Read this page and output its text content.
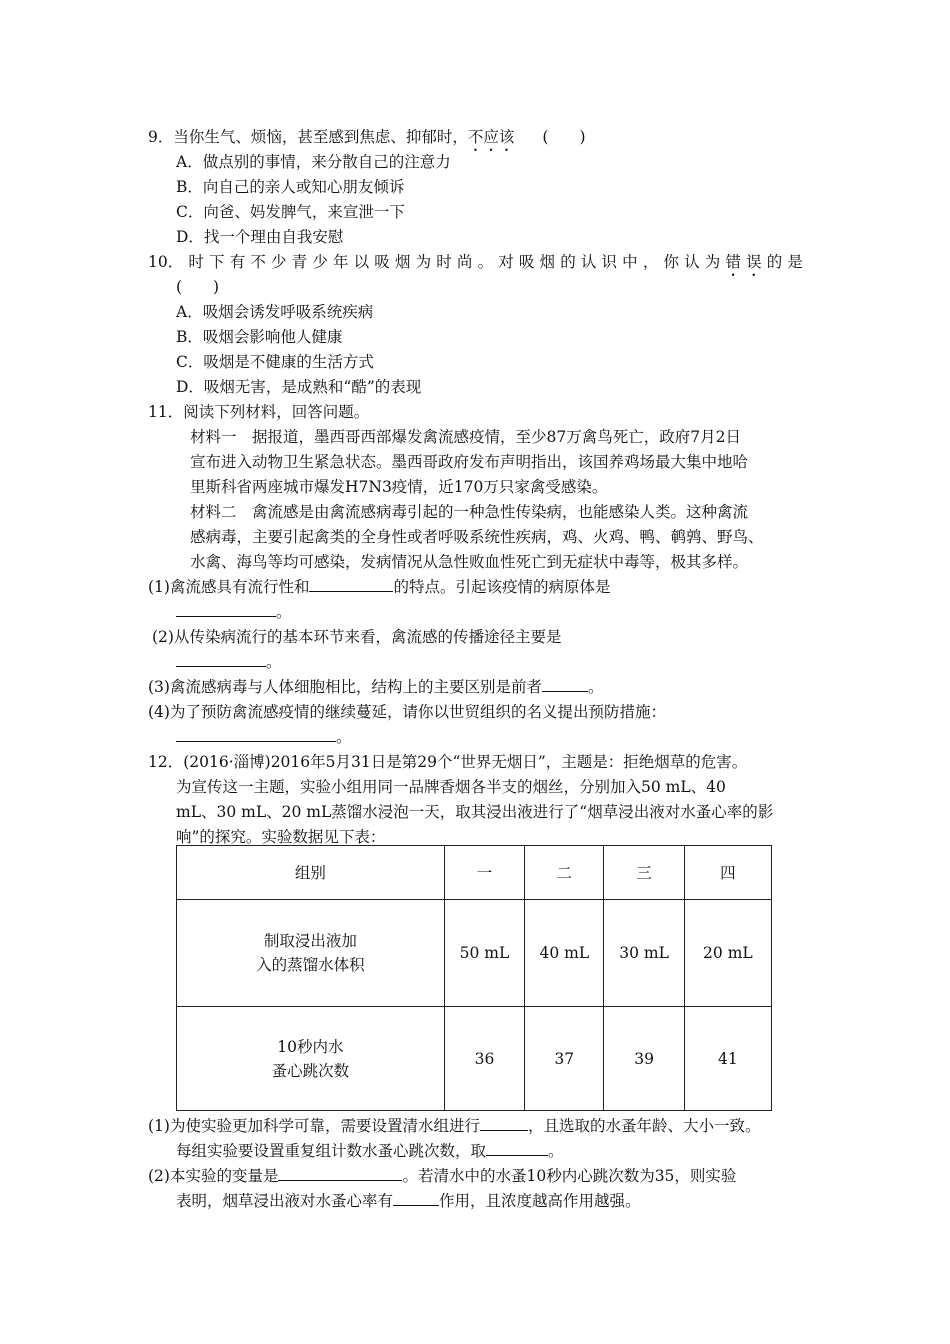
9．当你生气、烦恼，甚至感到焦虑、抑郁时，不应该 (　　)
A．做点别的事情，来分散自己的注意力
B．向自己的亲人或知心朋友倾诉
C．向爸、妈发脾气，来宣泄一下
D．找一个理由自我安慰
10． 时 下 有 不 少 青 少 年 以 吸 烟 为 时 尚 。 对 吸 烟 的 认 识 中 ， 你 认 为 错 误 的 是
(　　)
A．吸烟会诱发呼吸系统疾病
B．吸烟会影响他人健康
C．吸烟是不健康的生活方式
D．吸烟无害，是成熟和“酷”的表现
11．阅读下列材料，回答问题。
材料一　据报道，墨西哥西部爆发禽流感疫情，至少87万禽鸟死亡，政府7月2日
宣布进入动物卫生紧急状态。墨西哥政府发布声明指出，该国养鸡场最大集中地哈
里斯科省两座城市爆发H7N3疫情，近170万只家禽受感染。
材料二　禽流感是由禽流感病毒引起的一种急性传染病，也能感染人类。这种禽流
感病毒，主要引起禽类的全身性或者呼吸系统性疾病，鸡、火鸡、鸭、鹌鹑、野鸟、
水禽、海鸟等均可感染，发病情况从急性败血性死亡到无症状中毒等，极其多样。
(1)禽流感具有流行性和	的特点。引起该疫情的病原体是
。
(2)从传染病流行的基本环节来看，禽流感的传播途径主要是
。
(3)禽流感病毒与人体细胞相比，结构上的主要区别是前者	。
(4)为了预防禽流感疫情的继续蔓延，请你以世贸组织的名义提出预防措施：
。
12．(2016·淄博)2016年5月31日是第29个“世界无烟日”，主题是：拒绝烟草的危害。
为宣传这一主题，实验小组用同一品牌香烟各半支的烟丝，分别加入50 mL、40
mL、30 mL、20 mL蒸馏水浸泡一天，取其浸出液进行了“烟草浸出液对水蚤心率的影
响”的探究。实验数据见下表：
组别	一	二	三	四
制取浸出液加
入的蒸馏水体积	50 mL	40 mL	30 mL	20 mL
10秒内水
蚤心跳次数	36	37	39	41
(1)为使实验更加科学可靠，需要设置清水组进行	，且选取的水蚤年龄、大小一致。
每组实验要设置重复组计数水蚤心跳次数，取	。
(2)本实验的变量是	。若清水中的水蚤10秒内心跳次数为35，则实验
表明，烟草浸出液对水蚤心率有	作用，且浓度越高作用越强。
